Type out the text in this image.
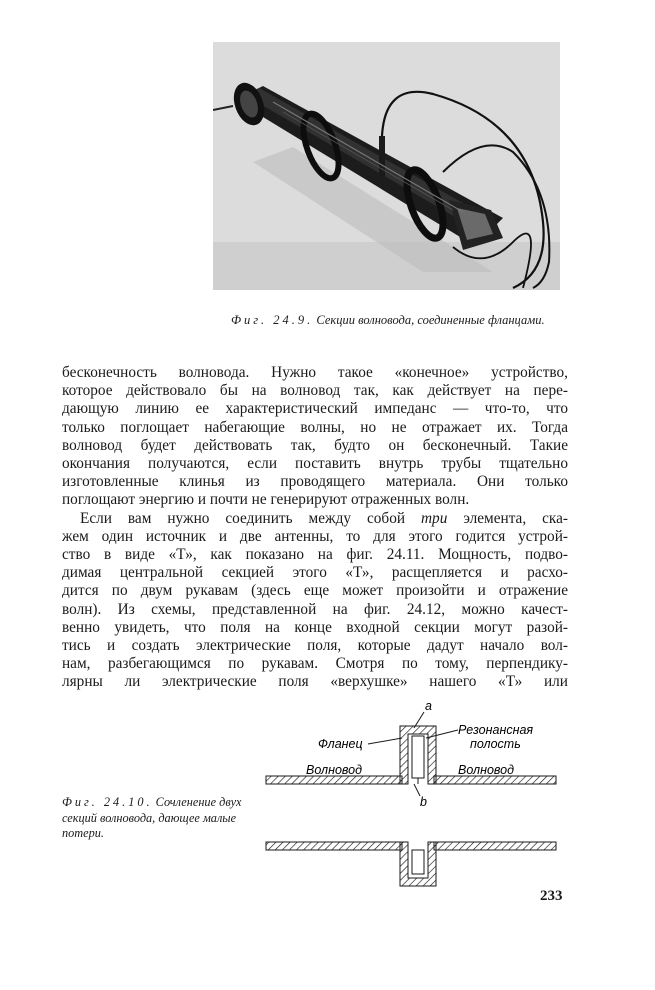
Фиг. 24.9. Секции волновода, соединенные фланцами.
бесконечность волновода. Нужно такое «конечное» устройство,
которое действовало бы на волновод так, как действует на пере-
дающую линию ее характеристический импеданс — что-то, что
только поглощает набегающие волны, но не отражает их. Тогда
волновод будет действовать так, будто он бесконечный. Такие
окончания получаются, если поставить внутрь трубы тщательно
изготовленные клинья из проводящего материала. Они только
поглощают энергию и почти не генерируют отраженных волн.
Если вам нужно соединить между собой три элемента, ска-
жем один источник и две антенны, то для этого годится устрой-
ство в виде «Т», как показано на фиг. 24.11. Мощность, подво-
димая центральной секцией этого «Т», расщепляется и расхо-
дится по двум рукавам (здесь еще может произойти и отражение
волн). Из схемы, представленной на фиг. 24.12, можно качест-
венно увидеть, что поля на конце входной секции могут разой-
тись и создать электрические поля, которые дадут начало вол-
нам, разбегающимся по рукавам. Смотря по тому, перпендику-
лярны ли электрические поля «верхушке» нашего «Т» или
a
Фланец
Резонансная
полость
Волновод	Волновод
b
Фиг. 24.10. Сочленение двух секций волновода, дающее малые потери.
233
